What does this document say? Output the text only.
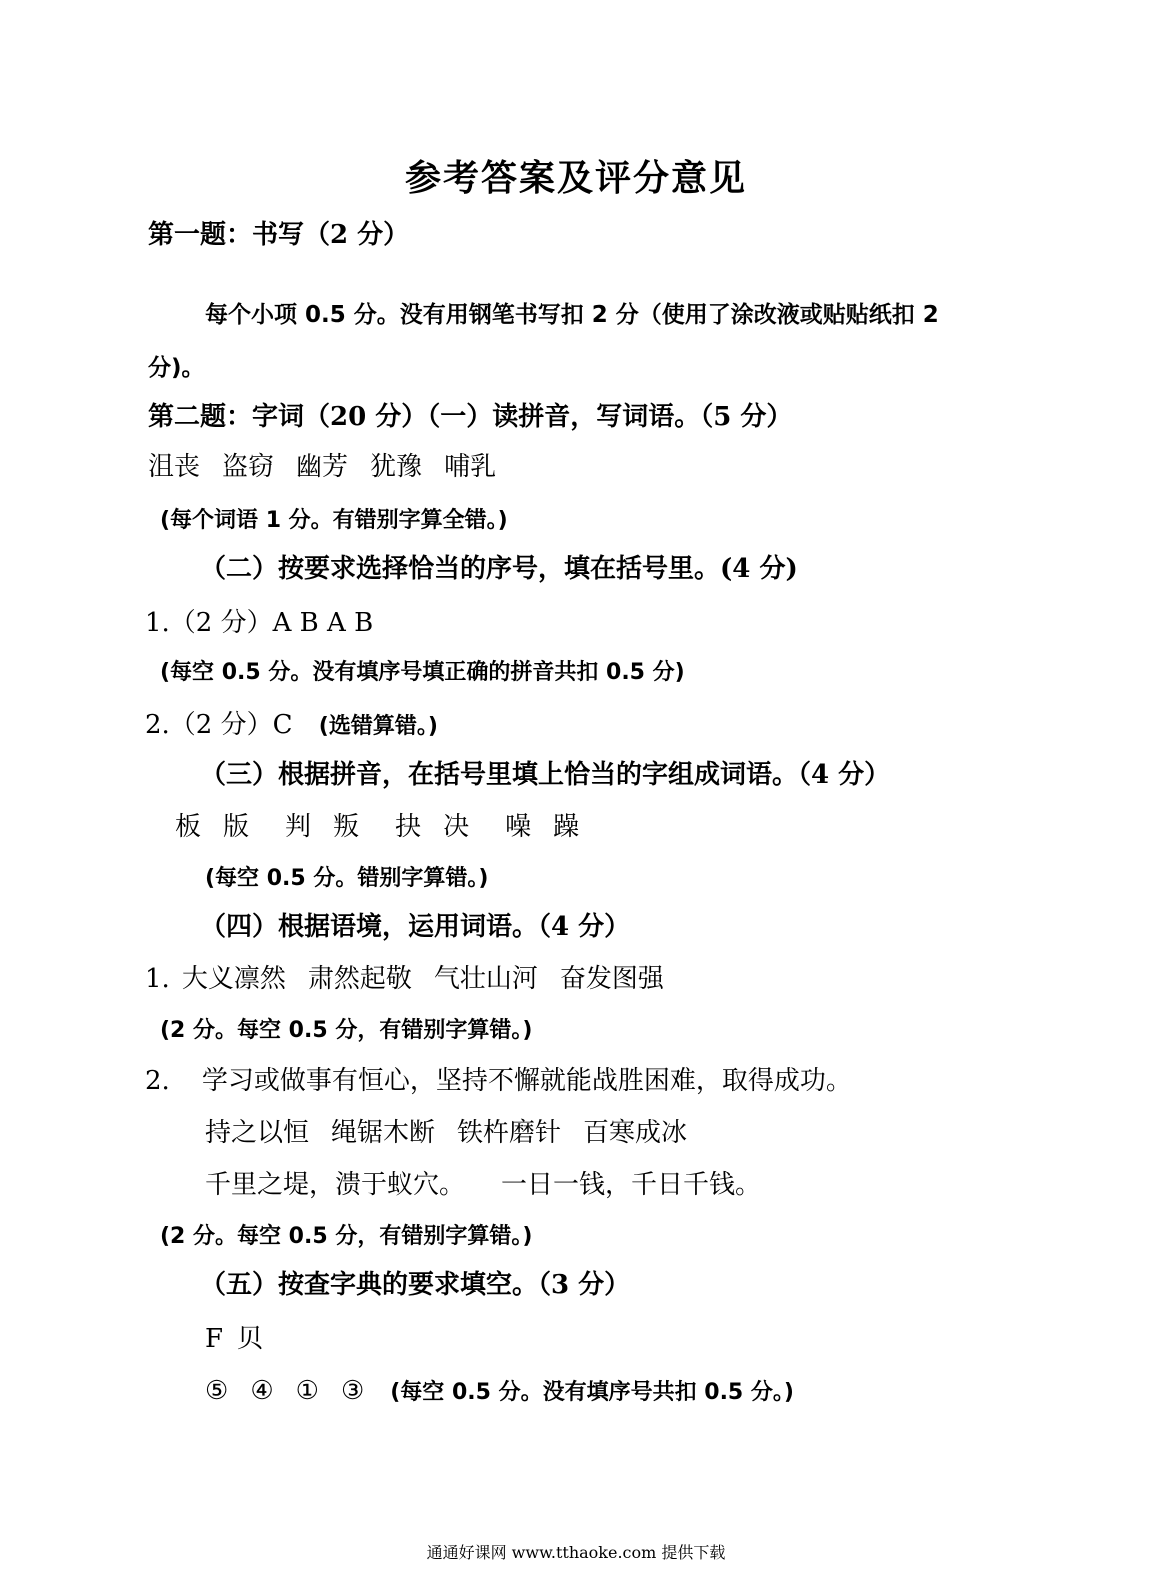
参考答案及评分意见
第一题：书写（2 分）
每个小项 0.5 分。没有用钢笔书写扣 2 分（使用了涂改液或贴贴纸扣 2
分)。
第二题：字词（20 分）（一）读拼音，写词语。（5 分）
沮丧 盗窃 幽芳 犹豫 哺乳
(每个词语 1 分。有错别字算全错。)
（二）按要求选择恰当的序号，填在括号里。(4 分)
1.（2 分）A B A B
(每空 0.5 分。没有填序号填正确的拼音共扣 0.5 分)
2.（2 分）C (选错算错。)
（三）根据拼音，在括号里填上恰当的字组成词语。（4 分）
板 版 判 叛 抉 决 噪 躁
(每空 0.5 分。错别字算错。)
（四）根据语境，运用词语。（4 分）
1. 大义凛然 肃然起敬 气壮山河 奋发图强
(2 分。每空 0.5 分，有错别字算错。)
2. 学习或做事有恒心，坚持不懈就能战胜困难，取得成功。
持之以恒 绳锯木断 铁杵磨针 百寒成冰
千里之堤，溃于蚁穴。 一日一钱，千日千钱。
(2 分。每空 0.5 分，有错别字算错。)
（五）按查字典的要求填空。（3 分）
F 贝
⑤ ④ ① ③ (每空 0.5 分。没有填序号共扣 0.5 分。)
通通好课网 www.tthaoke.com 提供下载
